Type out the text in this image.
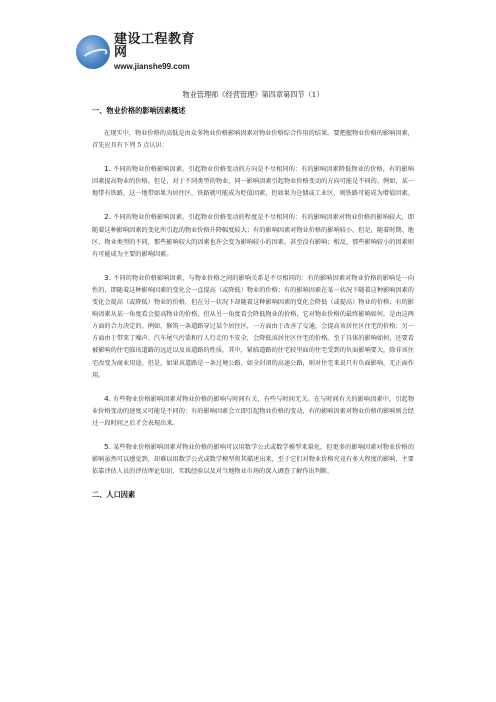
建设工程教育网
www.jianshe99.com
物业管理师《经营管理》第四章第四节（1）
一、物业价格的影响因素概述

在现实中，物业价格的高低是由众多物业价格影响因素对物业价格综合作用的结果。要把握物业价格的影响因素，首先应具有下列 5 点认识：

1. 不同的物业价格影响因素，引起物业价格变动的方向是不尽相同的：有的影响因素降低物业的价格，有的影响因素提高物业的价格。但是，对于不同类型的物业，同一影响因素引起物业价格变动的方向可能是不同的。例如，某一地带有铁路，这一地带如果为居住区，铁路就可能成为贬值因素，但如果为仓储或工业区，则铁路可能成为增值因素。

2. 不同的物业价格影响因素，引起物业价格变动的程度是不尽相同的：有的影响因素对物业价格的影响较大，即随着这种影响因素的变化所引起的物业价格升降幅度较大；有的影响因素对物业价格的影响较小。但是，随着时期、地区、物业类型的不同，那些影响较大的因素也许会变为影响较小的因素，甚至没有影响；相反，那些影响较小的因素则有可能成为主要的影响因素。

3. 不同的物业价格影响因素，与物业价格之间的影响关系是不尽相同的：有的影响因素对物业价格的影响是一向性的，即随着这种影响因素的变化会一直提高（或降低）物业的价格；有的影响因素在某一状况下随着这种影响因素的变化会提高（或降低）物业的价格，但在另一状况下却随着这种影响因素的变化会降低（或提高）物业的价格；有的影响因素从某一角度看会提高物业的价格，但从另一角度看会降低物业的价格，它对物业价格的最终影响如何，是由这两方面的合力决定的。例如，修筑一条道路穿过某个居住区，一方面由于改善了交通，会提高该居住区住宅的价格；另一方面由于带来了噪声、汽车尾气污染和行人行走的不安全，会降低该居住区住宅的价格。至于具体的影响如何，还要看被影响的住宅临该道路的远近以及该道路的性质。其中，紧临道路的住宅较里面的住宅受到的负面影响要大，除非该住宅改变为商业用途。但是，如果该道路是一条过境公路，如全封闭的高速公路，则对住宅来说只有负面影响，无正面作用。

4. 有些物业价格影响因素对物业价格的影响与时间有关，有些与时间无关。在与时间有关的影响因素中，引起物业价格变动的速度又可能是不同的：有的影响因素会立即引起物业价格的变动，有的影响因素对物业价格的影响则会经过一段时间之后才会表现出来。

5. 某些物业价格影响因素对物业价格的影响可以用数学公式或数学模型来量化，但更多的影响因素对物业价格的影响虽然可以感觉到，却难以用数学公式或数学模型将其描述出来，至于它们对物业价格究竟有多大程度的影响，主要依靠评估人员的评估理论知识、实践经验以及对当地物业市场的深入调查了解作出判断。

二、人口因素
